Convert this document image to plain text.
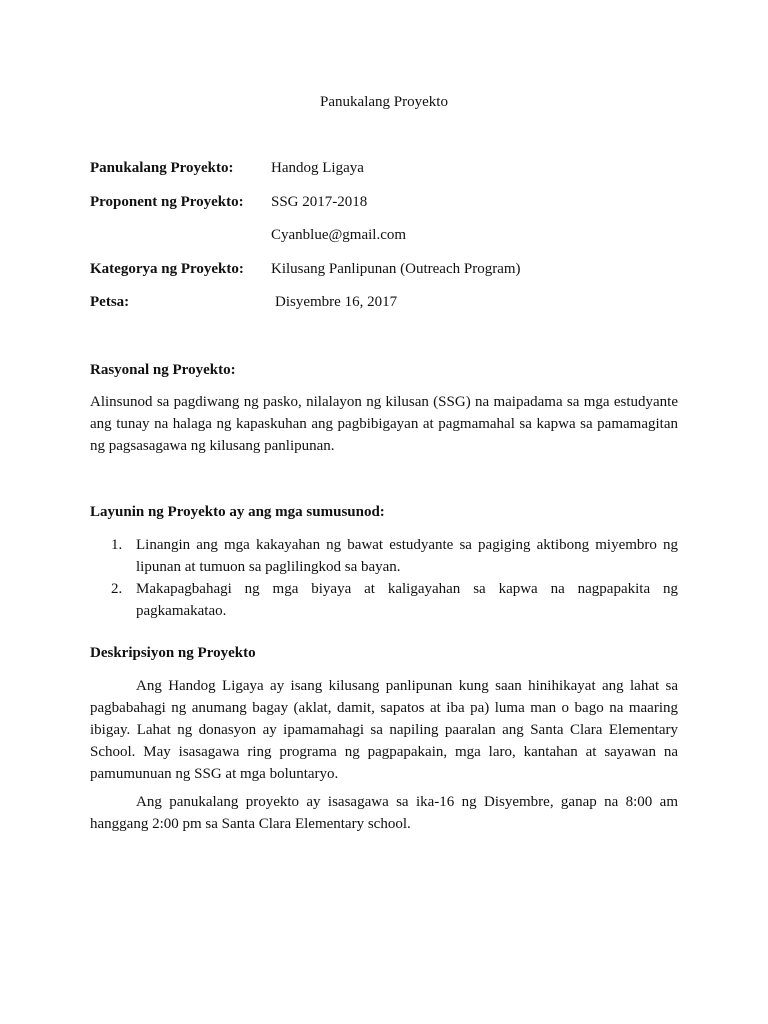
Panukalang Proyekto
Panukalang Proyekto:	Handog Ligaya
Proponent ng Proyekto: SSG 2017-2018
Cyanblue@gmail.com
Kategorya ng Proyekto: Kilusang Panlipunan (Outreach Program)
Petsa:	Disyembre 16, 2017
Rasyonal ng Proyekto:
Alinsunod sa pagdiwang ng pasko, nilalayon ng kilusan (SSG) na maipadama sa mga estudyante ang tunay na halaga ng kapaskuhan ang pagbibigayan at pagmamahal sa kapwa sa pamamagitan ng pagsasagawa ng kilusang panlipunan.
Layunin ng Proyekto ay ang mga sumusunod:
1. Linangin ang mga kakayahan ng bawat estudyante sa pagiging aktibong miyembro ng lipunan at tumuon sa paglilingkod sa bayan.
2. Makapagbahagi ng mga biyaya at kaligayahan sa kapwa na nagpapakita ng pagkamakatao.
Deskripsiyon ng Proyekto
Ang Handog Ligaya ay isang kilusang panlipunan kung saan hinihikayat ang lahat sa pagbabahagi ng anumang bagay (aklat, damit, sapatos at iba pa) luma man o bago na maaring ibigay. Lahat ng donasyon ay ipamamahagi sa napiling paaralan ang Santa Clara Elementary School. May isasagawa ring programa ng pagpapakain, mga laro, kantahan at sayawan na pamumunuan ng SSG at mga boluntaryo.
Ang panukalang proyekto ay isasagawa sa ika-16 ng Disyembre, ganap na 8:00 am hanggang 2:00 pm sa Santa Clara Elementary school.
